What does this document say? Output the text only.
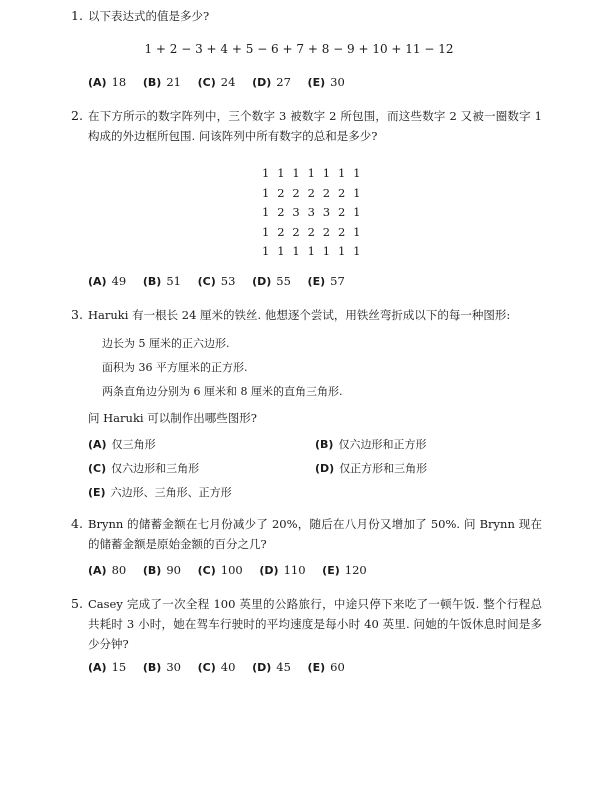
1. 以下表达式的值是多少?
1 + 2 − 3 + 4 + 5 − 6 + 7 + 8 − 9 + 10 + 11 − 12
(A) 18 (B) 21 (C) 24 (D) 27 (E) 30
2. 在下方所示的数字阵列中，三个数字 3 被数字 2 所包围，而这些数字 2 又被一圈数字 1 构成的外边框所包围. 问该阵列中所有数字的总和是多少?
1 1 1 1 1 1 1
1 2 2 2 2 2 1
1 2 3 3 3 2 1
1 2 2 2 2 2 1
1 1 1 1 1 1 1
(A) 49 (B) 51 (C) 53 (D) 55 (E) 57
3. Haruki 有一根长 24 厘米的铁丝. 他想逐个尝试，用铁丝弯折成以下的每一种图形:
边长为 5 厘米的正六边形.
面积为 36 平方厘米的正方形.
两条直角边分别为 6 厘米和 8 厘米的直角三角形.
问 Haruki 可以制作出哪些图形?
(A) 仅三角形	(B) 仅六边形和正方形
(C) 仅六边形和三角形	(D) 仅正方形和三角形
(E) 六边形、三角形、正方形
4. Brynn 的储蓄金额在七月份减少了 20%，随后在八月份又增加了 50%. 问 Brynn 现在的储蓄金额是原始金额的百分之几?
(A) 80 (B) 90 (C) 100 (D) 110 (E) 120
5. Casey 完成了一次全程 100 英里的公路旅行，中途只停下来吃了一顿午饭. 整个行程总共耗时 3 小时，她在驾车行驶时的平均速度是每小时 40 英里. 问她的午饭休息时间是多少分钟?
(A) 15 (B) 30 (C) 40 (D) 45 (E) 60
